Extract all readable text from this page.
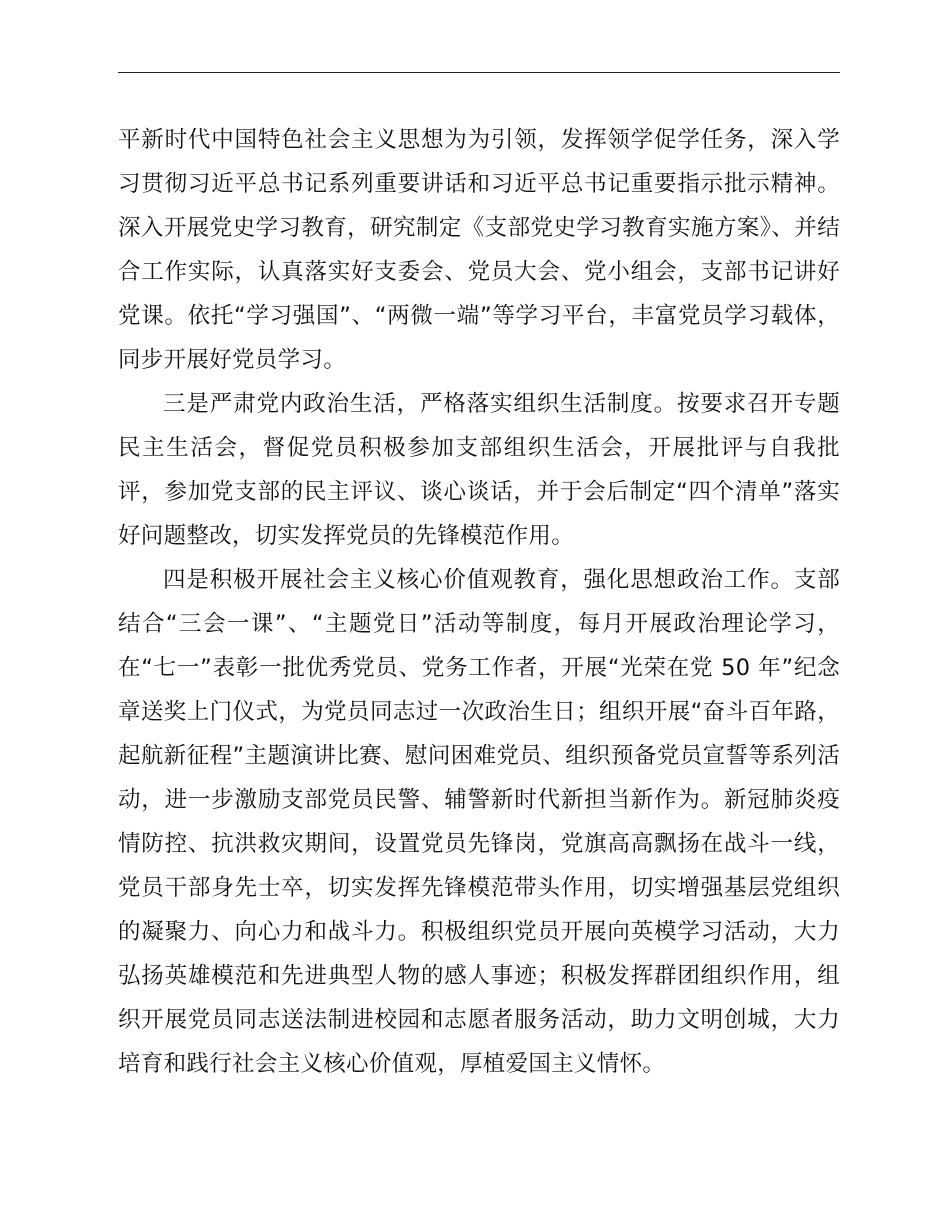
平新时代中国特色社会主义思想为为引领，发挥领学促学任务，深入学习贯彻习近平总书记系列重要讲话和习近平总书记重要指示批示精神。深入开展党史学习教育，研究制定《支部党史学习教育实施方案》、并结合工作实际，认真落实好支委会、党员大会、党小组会，支部书记讲好党课。依托“学习强国”、“两微一端”等学习平台，丰富党员学习载体，同步开展好党员学习。

三是严肃党内政治生活，严格落实组织生活制度。按要求召开专题民主生活会，督促党员积极参加支部组织生活会，开展批评与自我批评，参加党支部的民主评议、谈心谈话，并于会后制定“四个清单”落实好问题整改，切实发挥党员的先锋模范作用。

四是积极开展社会主义核心价值观教育，强化思想政治工作。支部结合“三会一课”、“主题党日”活动等制度，每月开展政治理论学习，在“七一”表彰一批优秀党员、党务工作者，开展“光荣在党 50 年”纪念章送奖上门仪式，为党员同志过一次政治生日；组织开展“奋斗百年路，起航新征程”主题演讲比赛、慰问困难党员、组织预备党员宣誓等系列活动，进一步激励支部党员民警、辅警新时代新担当新作为。新冠肺炎疫情防控、抗洪救灾期间，设置党员先锋岗，党旗高高飘扬在战斗一线，党员干部身先士卒，切实发挥先锋模范带头作用，切实增强基层党组织的凝聚力、向心力和战斗力。积极组织党员开展向英模学习活动，大力弘扬英雄模范和先进典型人物的感人事迹；积极发挥群团组织作用，组织开展党员同志送法制进校园和志愿者服务活动，助力文明创城，大力培育和践行社会主义核心价值观，厚植爱国主义情怀。
